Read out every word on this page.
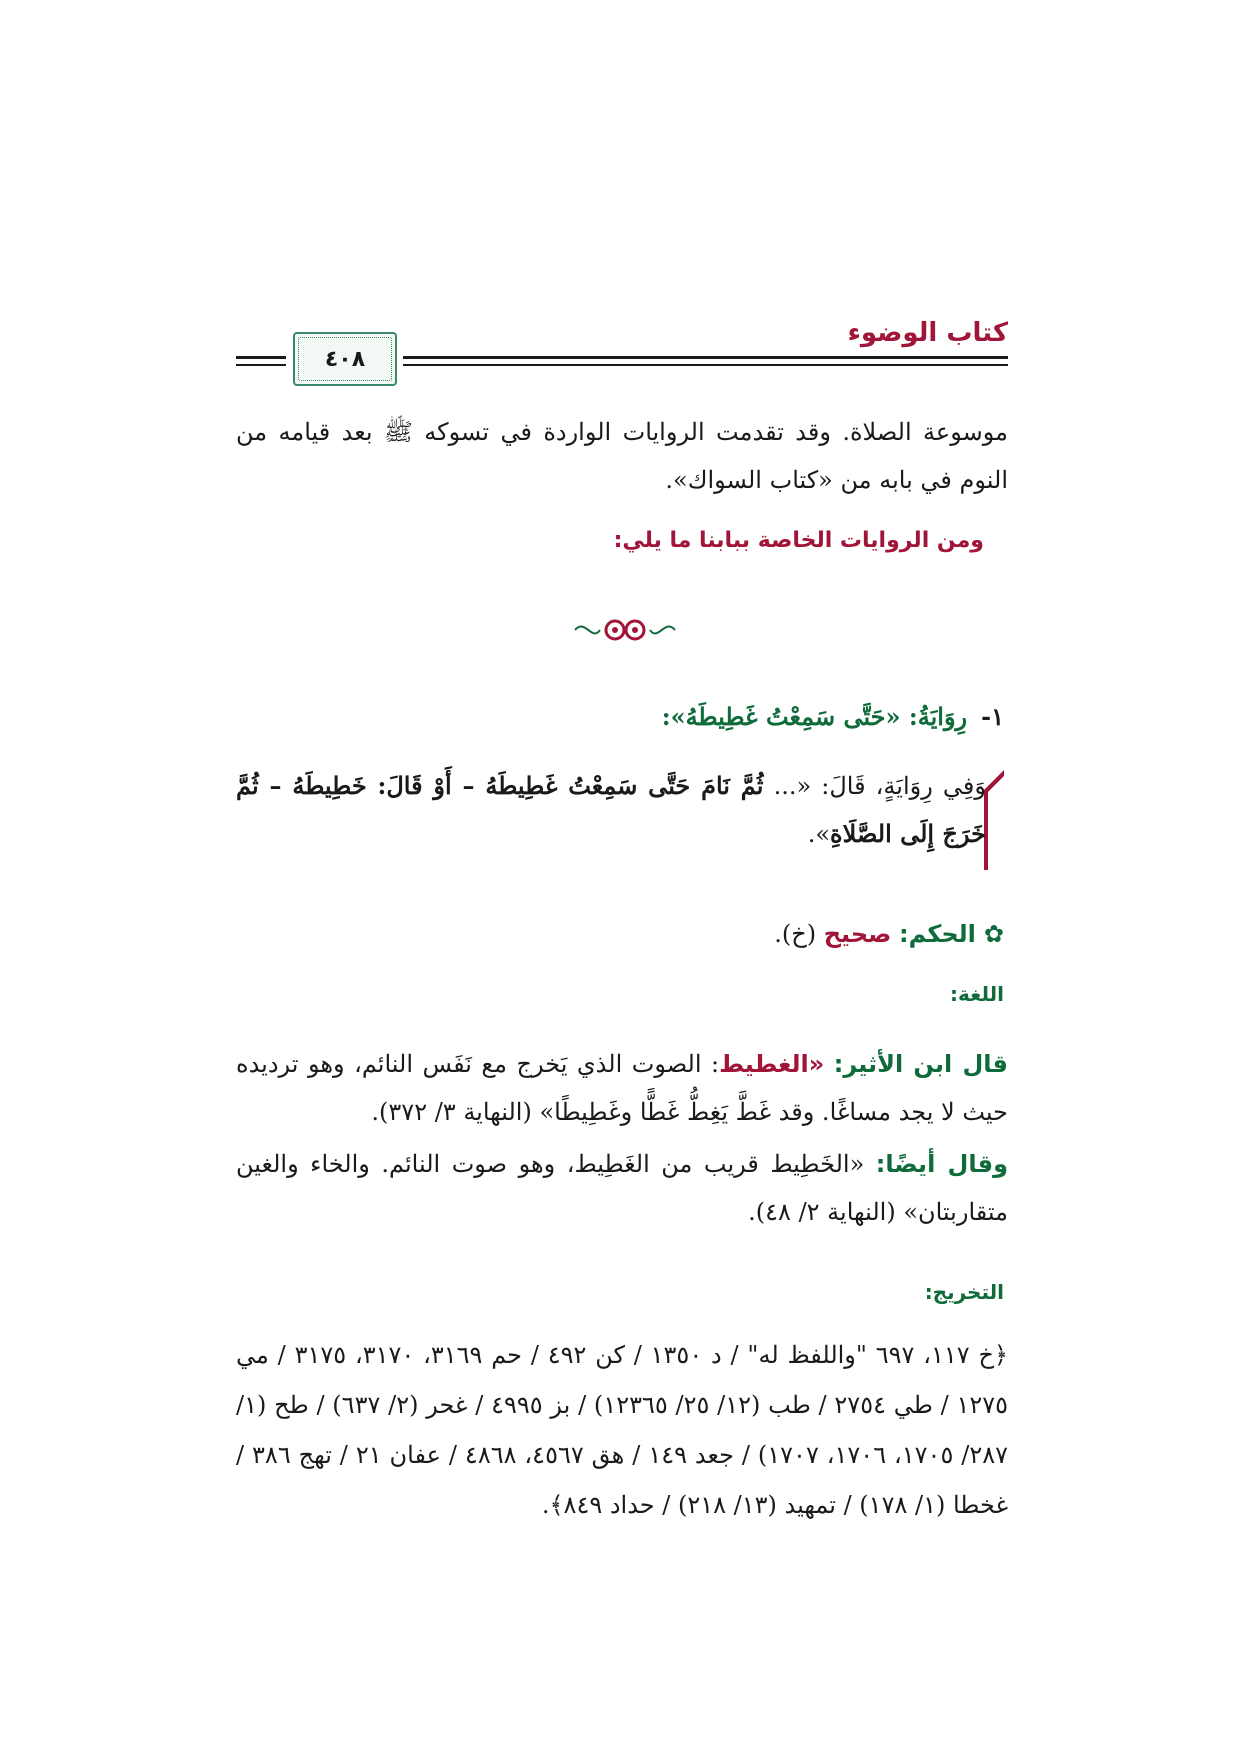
كتاب الوضوء
٤٠٨
موسوعة الصلاة. وقد تقدمت الروايات الواردة في تسوكه ﷺ بعد قيامه من النوم في بابه من «كتاب السواك».
ومن الروايات الخاصة ببابنا ما يلي:
١-رِوَايَةُ: «حَتَّى سَمِعْتُ غَطِيطَهُ»:
وَفِي رِوَايَةٍ، قَالَ: «... ثُمَّ نَامَ حَتَّى سَمِعْتُ غَطِيطَهُ – أَوْ قَالَ: خَطِيطَهُ – ثُمَّ خَرَجَ إِلَى الصَّلَاةِ».
✿الحكم: صحيح (خ).
اللغة:
قال ابن الأثير: «الغطيط: الصوت الذي يَخرج مع نَفَس النائم، وهو ترديده حيث لا يجد مساغًا. وقد غَطَّ يَغِطُّ غَطًّا وغَطِيطًا» (النهاية ٣/ ٣٧٢).
وقال أيضًا: «الخَطِيط قريب من الغَطِيط، وهو صوت النائم. والخاء والغين متقاربتان» (النهاية ٢/ ٤٨).
التخريج:
﴿خ ١١٧، ٦٩٧ "واللفظ له" / د ١٣٥٠ / كن ٤٩٢ / حم ٣١٦٩، ٣١٧٠، ٣١٧٥ / مي ١٢٧٥ / طي ٢٧٥٤ / طب (١٢/ ٢٥/ ١٢٣٦٥) / بز ٤٩٩٥ / غحر (٢/ ٦٣٧) / طح (١/ ٢٨٧/ ١٧٠٥، ١٧٠٦، ١٧٠٧) / جعد ١٤٩ / هق ٤٥٦٧، ٤٨٦٨ / عفان ٢١ / تهج ٣٨٦ / غخطا (١/ ١٧٨) / تمهيد (١٣/ ٢١٨) / حداد ٨٤٩﴾.
